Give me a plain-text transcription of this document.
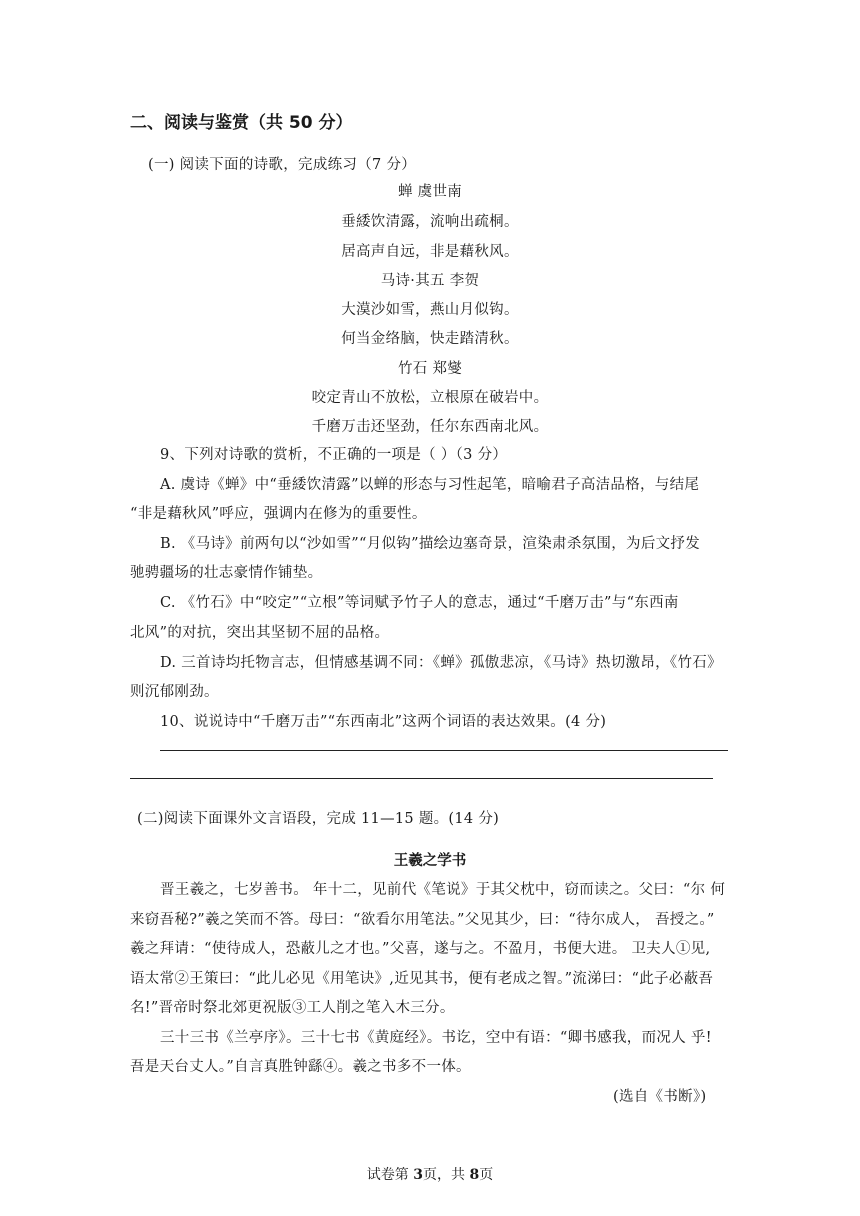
二、阅读与鉴赏（共 50 分）
(一) 阅读下面的诗歌，完成练习（7 分）
蝉 虞世南
垂緌饮清露，流响出疏桐。
居高声自远，非是藉秋风。
马诗·其五 李贺
大漠沙如雪，燕山月似钩。
何当金络脑，快走踏清秋。
竹石 郑燮
咬定青山不放松，立根原在破岩中。
千磨万击还坚劲，任尔东西南北风。
9、下列对诗歌的赏析，不正确的一项是（ ）（3 分）
A. 虞诗《蝉》中“垂緌饮清露”以蝉的形态与习性起笔，暗喻君子高洁品格，与结尾
“非是藉秋风”呼应，强调内在修为的重要性。
B. 《马诗》前两句以“沙如雪”“月似钩”描绘边塞奇景，渲染肃杀氛围，为后文抒发
驰骋疆场的壮志豪情作铺垫。
C. 《竹石》中“咬定”“立根”等词赋予竹子人的意志，通过“千磨万击”与“东西南
北风”的对抗，突出其坚韧不屈的品格。
D. 三首诗均托物言志，但情感基调不同：《蝉》孤傲悲凉，《马诗》热切激昂，《竹石》
则沉郁刚劲。
10、说说诗中“千磨万击”“东西南北”这两个词语的表达效果。(4 分)
(二)阅读下面课外文言语段，完成 11—15 题。(14 分)
王羲之学书
晋王羲之，七岁善书。 年十二，见前代《笔说》于其父枕中，窃而读之。父曰：“尔 何
来窃吾秘?”羲之笑而不答。母曰：“欲看尔用笔法。”父见其少，曰：“待尔成人， 吾授之。”
羲之拜请：“使待成人，恐蔽儿之才也。”父喜，遂与之。不盈月，书便大进。 卫夫人①见,
语太常②王策曰：“此儿必见《用笔诀》,近见其书，便有老成之智。”流涕曰：“此子必蔽吾
名!”晋帝时祭北郊更祝版③工人削之笔入木三分。
三十三书《兰亭序》。三十七书《黄庭经》。书讫，空中有语：“卿书感我，而况人 乎!
吾是天台丈人。”自言真胜钟繇④。羲之书多不一体。
(选自《书断》)
试卷第 3页，共 8页
